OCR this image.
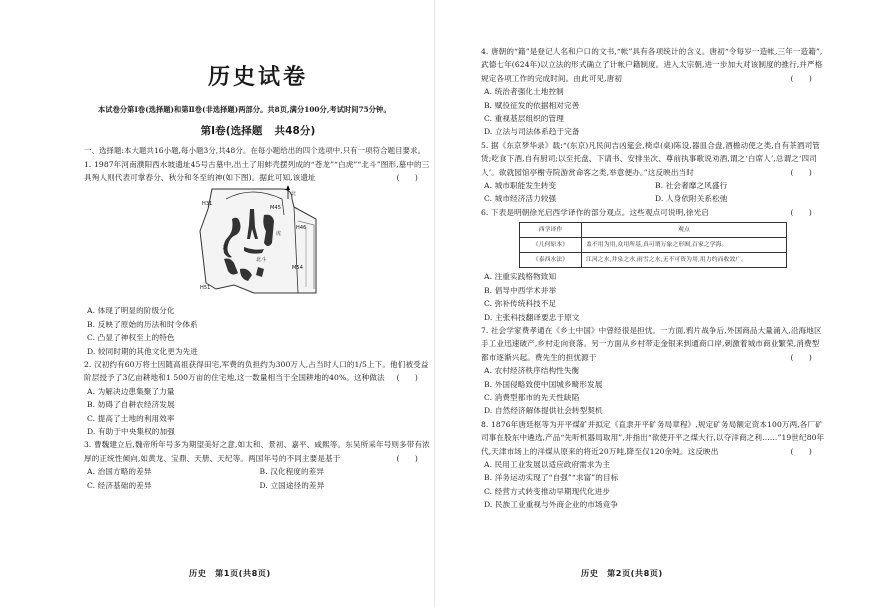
历史试卷

本试卷分第Ⅰ卷(选择题)和第Ⅱ卷(非选择题)两部分。共8页,满分100分,考试时间75分钟。

第Ⅰ卷(选择题 共48分)

一、选择题:本大题共16小题,每小题3分,共48分。在每小题给出的四个选项中,只有一项符合题目要求。

1. 1987年河南濮阳西水坡遗址45号古墓中,出土了用蚌壳摆列成的“苍龙”“白虎”“北斗”图形,墓中的三具殉人则代表可掌春分、秋分和冬至的神(如下图)。据此可知,该遗址	(　　)

北
M45
H31
H46
M54
H51
北斗
龙
虎

A. 体现了明显的阶级分化

B. 反映了原始的历法和时令体系

C. 凸显了神权至上的特色

D. 较同时期的其他文化更为先进

2. 汉初约有60万将士因随高祖获得田宅,军费的负担约为300万人,占当时人口的1/5上下。他们被受益阶层授予了3亿亩耕地和1 500万亩的住宅地,这一数量相当于全国耕地的40%。这种做法 (　　)

A. 为解决边患集聚了力量

B. 妨碍了自耕农经济发展

C. 提高了土地的利用效率

D. 有助于中央集权的加强

3. 曹魏建立后,魏帝所年号多为期望美好之意,如太和、景初、嘉平、咸熙等。东吴所采年号则多带有浓厚的正统性倾向,如黄龙、宝鼎、天册、天纪等。两国年号的不同主要是基于	(　　)

A. 治国方略的差异	B. 汉化程度的差异

C. 经济基础的差异	D. 立国途径的差异

历史　第1页(共8页)

4. 唐朝的“籍”是登记人名和户口的文书,“帐”具有各项统计的含义。唐初“令每岁一造帐,三年一造籍”,武德七年(624年)以立法的形式确立了计帐户籍制度。进入太宗朝,进一步加大对该制度的推行,并严格规定各项工作的完成时间。由此可见,唐初	(　　)

A. 统治者强化土地控制

B. 赋役征发的依据相对完善

C. 重视基层组织的管理

D. 立法与司法体系趋于完备

5. 据《东京梦华录》载:“(东京)凡民间吉凶筵会,椅卓(桌)陈设,器皿合盘,酒檐动使之类,自有茶酒司管赁;吃食下酒,自有厨司;以至托盘、下请书、安排坐次、尊前执事歌说劝酒,谓之‘白席人’,总谓之‘四司人’。欲就园馆亭榭寺院游赏命客之类,举意便办。”这反映出当时	(　　)

A. 城市职能发生转变	B. 社会奢靡之风盛行

C. 城市经济活力较强	D. 人身依附关系松弛

6. 下表是明朝徐光启西学译作的部分观点。这些观点可说明,徐光启	(　　)

西学译作	观点
《几何原本》	盖不用为用,众用所基,真可谓万象之形囿,百家之学海。
《泰西水法》	江河之水,井泉之水,雨雪之水,无不可资为用,用力约而收效广。

A. 注重实践格物致知

B. 倡导中西学术并举

C. 弥补传统科技不足

D. 主张科技翻译要忠于原文

7. 社会学家费孝通在《乡土中国》中曾经很是担忧。一方面,鸦片战争后,外国商品大量涌入,沿海地区手工业迅速破产,乡村走向衰落。另一方面从乡村带走金银来到通商口岸,刺激着城市商业繁荣,消费型都市逐渐兴起。费先生的担忧源于	(　　)

A. 农村经济秩序结构性失衡

B. 外国侵略致使中国城乡畸形发展

C. 消费型都市的先天性缺陷

D. 自然经济解体提供社会转型契机

8. 1876年唐廷枢等为开平煤矿并拟定《直隶开平矿务局章程》,规定矿务局额定资本100万两,各厂矿司事在股东中遴选,产品“先听机器局取用”,并指出“欲使开平之煤大行,以夺洋商之利……”19世纪80年代,天津市场上的洋煤从原来的将近20万吨,降至仅120余吨。这反映出	(　　)

A. 民用工业发展以适应政府需求为主

B. 洋务运动实现了“自强”“求富”的目标

C. 经营方式转变推动早期现代化进步

D. 民族工业重视与外商企业的市场竞争

历史　第2页(共8页)
